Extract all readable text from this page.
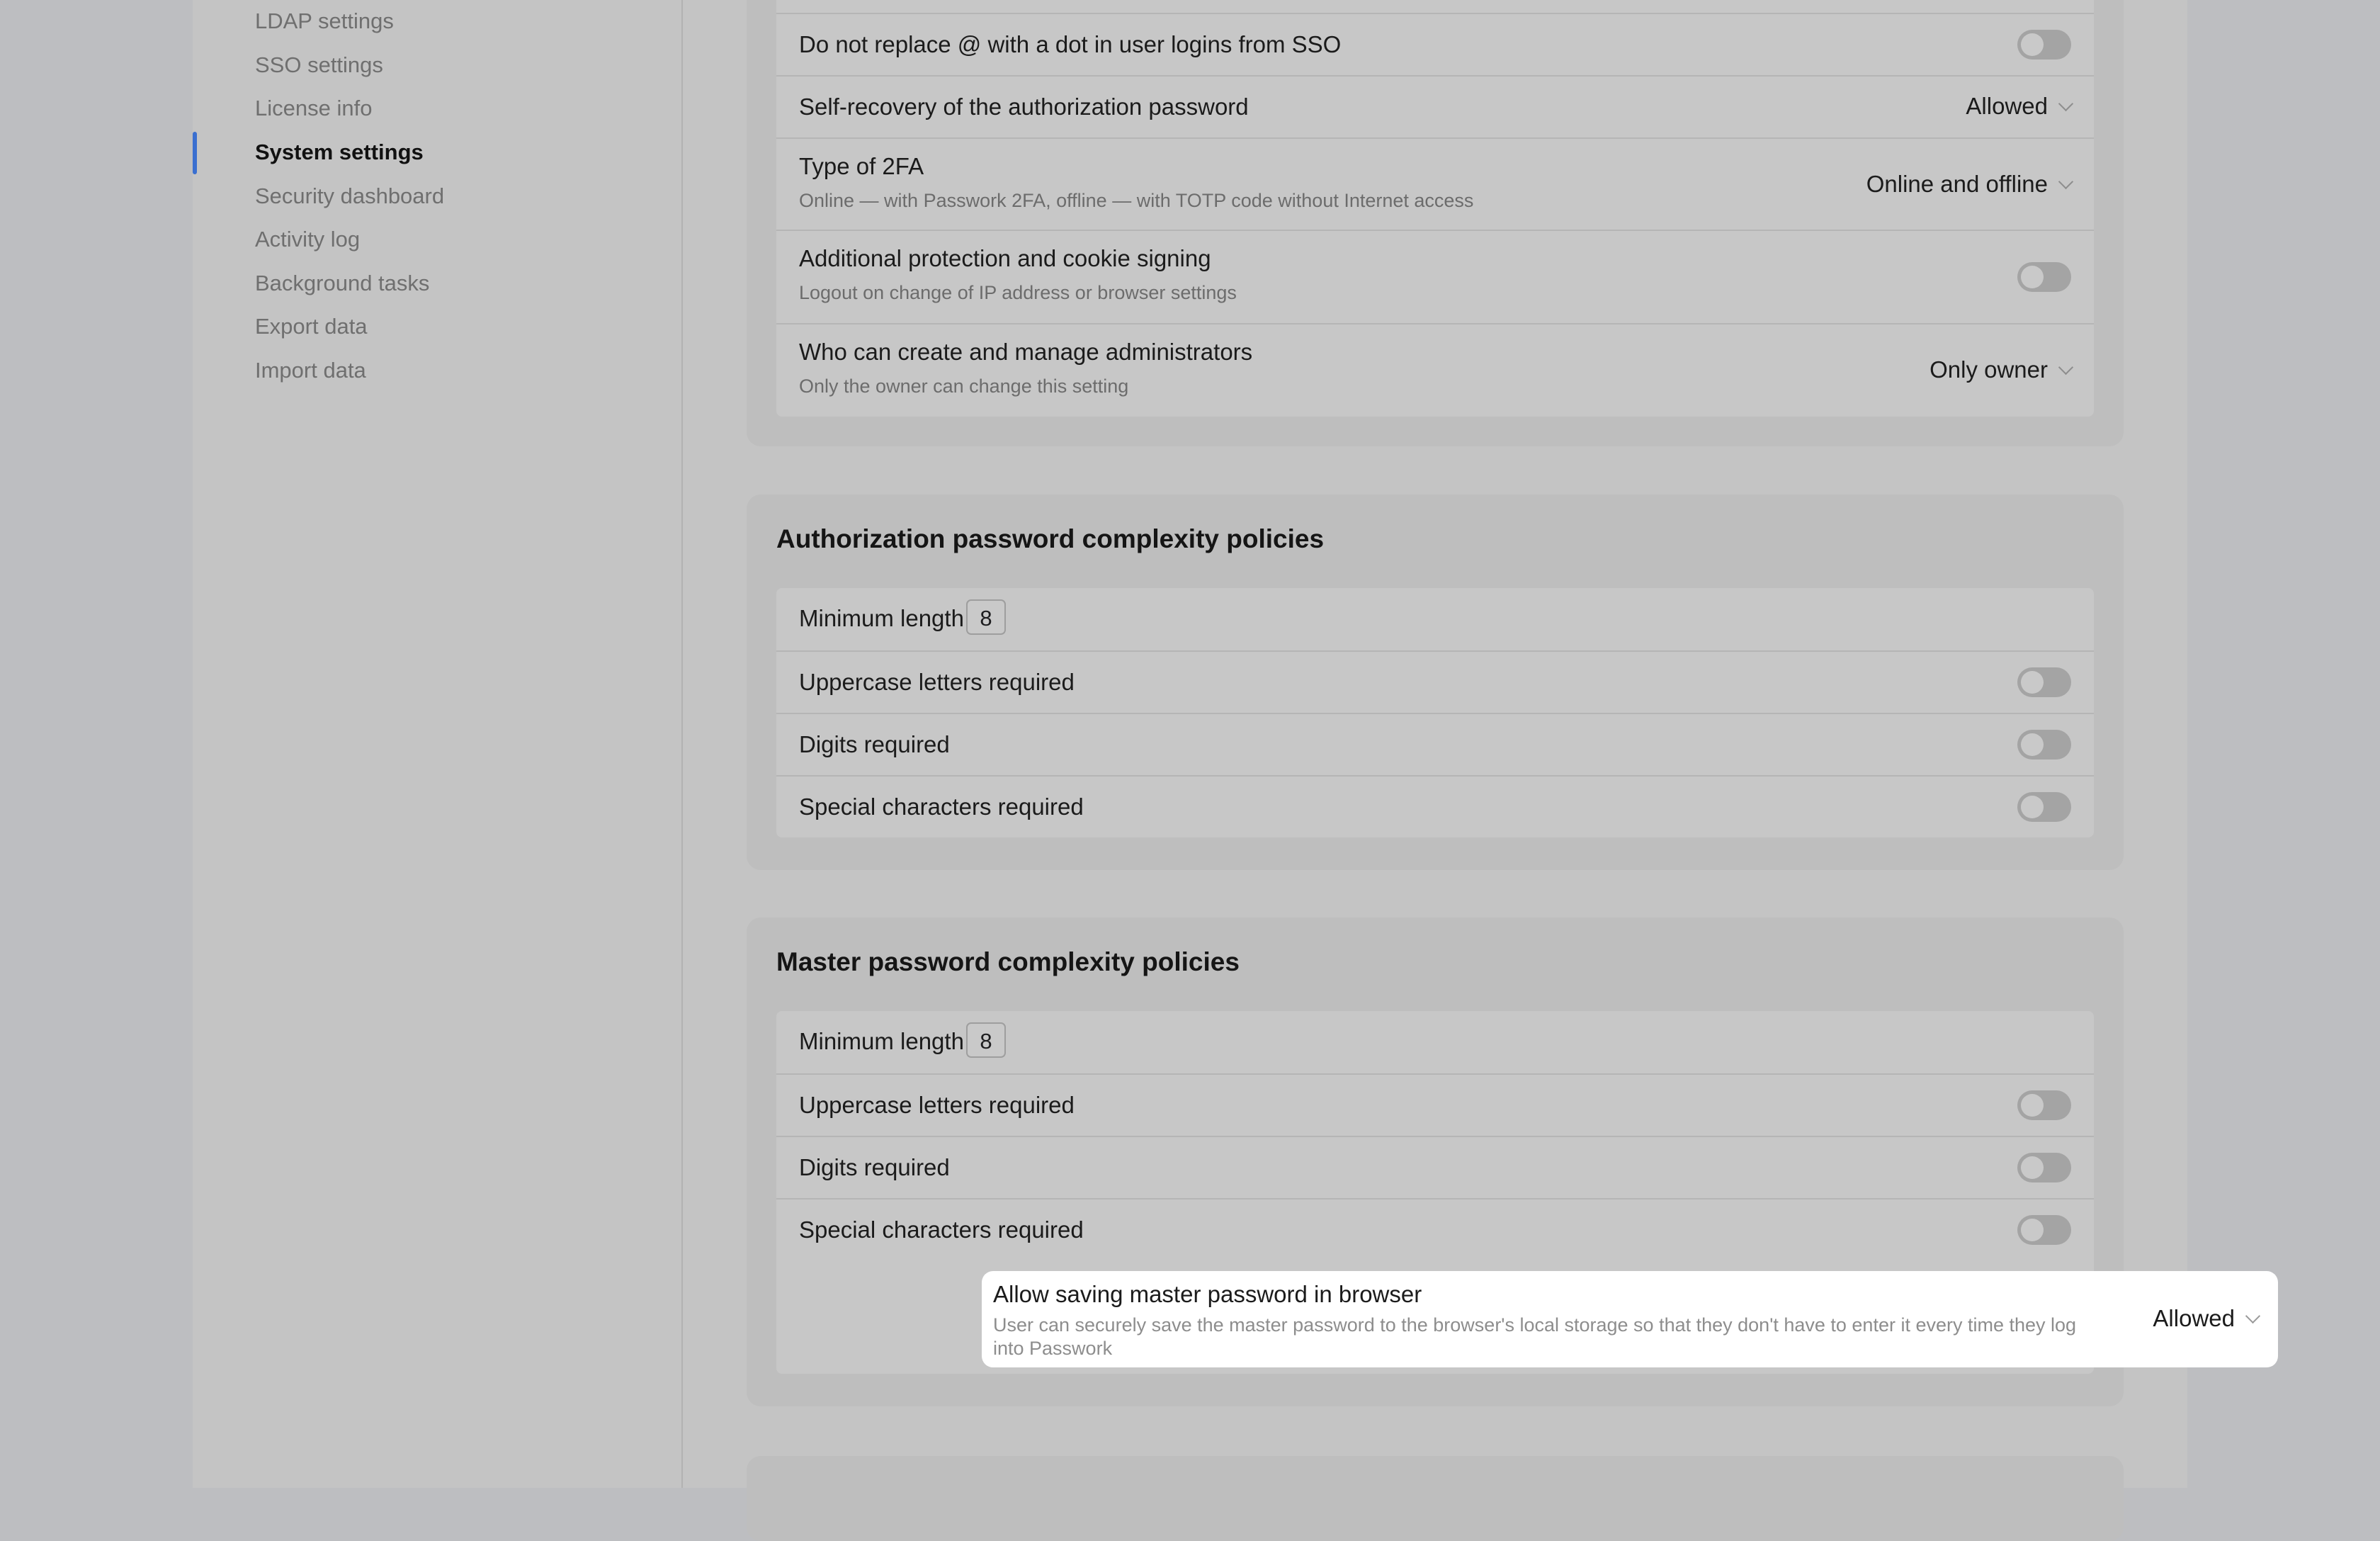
LDAP settings
SSO settings
License info
System settings
Security dashboard
Activity log
Background tasks
Export data
Import data
Do not replace @ with a dot in user logins from SSO
Self-recovery of the authorization password	Allowed
Type of 2FA
Online — with Passwork 2FA, offline — with TOTP code without Internet access
Online and offline
Additional protection and cookie signing
Logout on change of IP address or browser settings
Who can create and manage administrators
Only the owner can change this setting
Only owner
Authorization password complexity policies
Minimum length 8
Uppercase letters required
Digits required
Special characters required
Master password complexity policies
Minimum length 8
Uppercase letters required
Digits required
Special characters required
Allow saving master password in browser
User can securely save the master password to the browser's local storage so that they don't have to enter it every time they log into Passwork
Allowed
